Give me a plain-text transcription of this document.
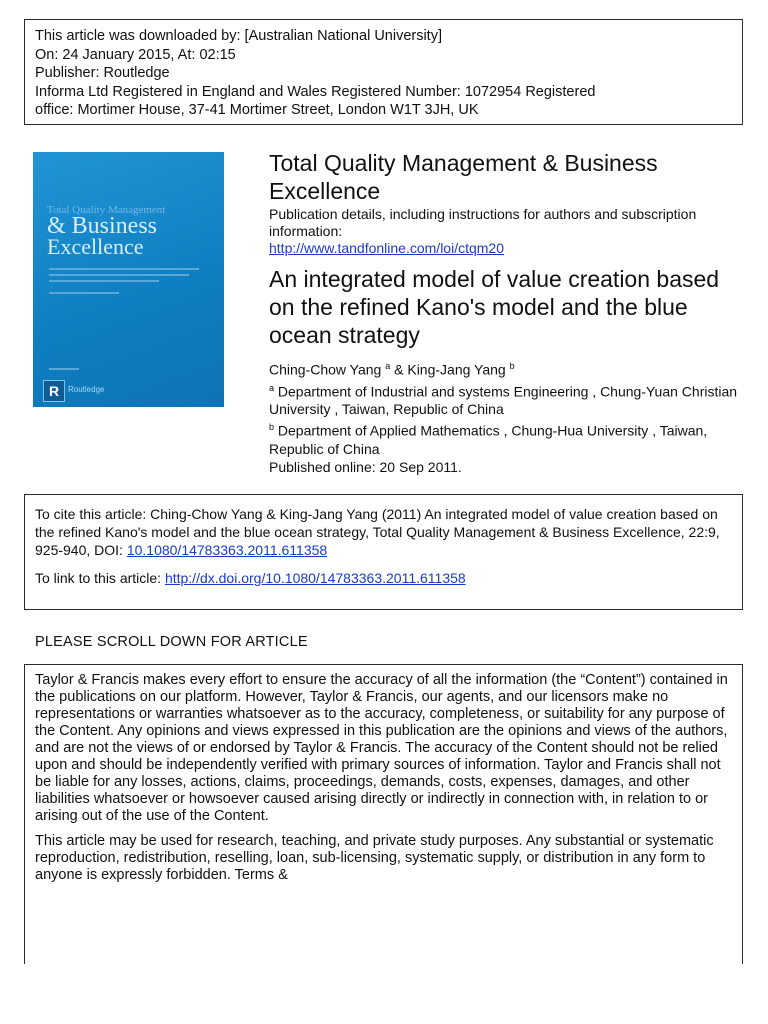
This article was downloaded by: [Australian National University]
On: 24 January 2015, At: 02:15
Publisher: Routledge
Informa Ltd Registered in England and Wales Registered Number: 1072954 Registered
office: Mortimer House, 37-41 Mortimer Street, London W1T 3JH, UK
Total Quality Management
& Business
Excellence
R	Routledge
Total Quality Management & Business Excellence
Publication details, including instructions for authors and subscription information:
http://www.tandfonline.com/loi/ctqm20
An integrated model of value creation based on the refined Kano's model and the blue ocean strategy
Ching-Chow Yang $^a$ & King-Jang Yang $^b$
$^a$ Department of Industrial and systems Engineering , Chung-Yuan Christian University , Taiwan, Republic of China
$^b$ Department of Applied Mathematics , Chung-Hua University , Taiwan, Republic of China
Published online: 20 Sep 2011.
To cite this article: Ching-Chow Yang & King-Jang Yang (2011) An integrated model of value creation based on the refined Kano's model and the blue ocean strategy, Total Quality Management & Business Excellence, 22:9, 925-940, DOI: 10.1080/14783363.2011.611358
To link to this article: http://dx.doi.org/10.1080/14783363.2011.611358
PLEASE SCROLL DOWN FOR ARTICLE

Taylor & Francis makes every effort to ensure the accuracy of all the information (the “Content”) contained in the publications on our platform. However, Taylor & Francis, our agents, and our licensors make no representations or warranties whatsoever as to the accuracy, completeness, or suitability for any purpose of the Content. Any opinions and views expressed in this publication are the opinions and views of the authors, and are not the views of or endorsed by Taylor & Francis. The accuracy of the Content should not be relied upon and should be independently verified with primary sources of information. Taylor and Francis shall not be liable for any losses, actions, claims, proceedings, demands, costs, expenses, damages, and other liabilities whatsoever or howsoever caused arising directly or indirectly in connection with, in relation to or arising out of the use of the Content.

This article may be used for research, teaching, and private study purposes. Any substantial or systematic reproduction, redistribution, reselling, loan, sub-licensing, systematic supply, or distribution in any form to anyone is expressly forbidden. Terms &
